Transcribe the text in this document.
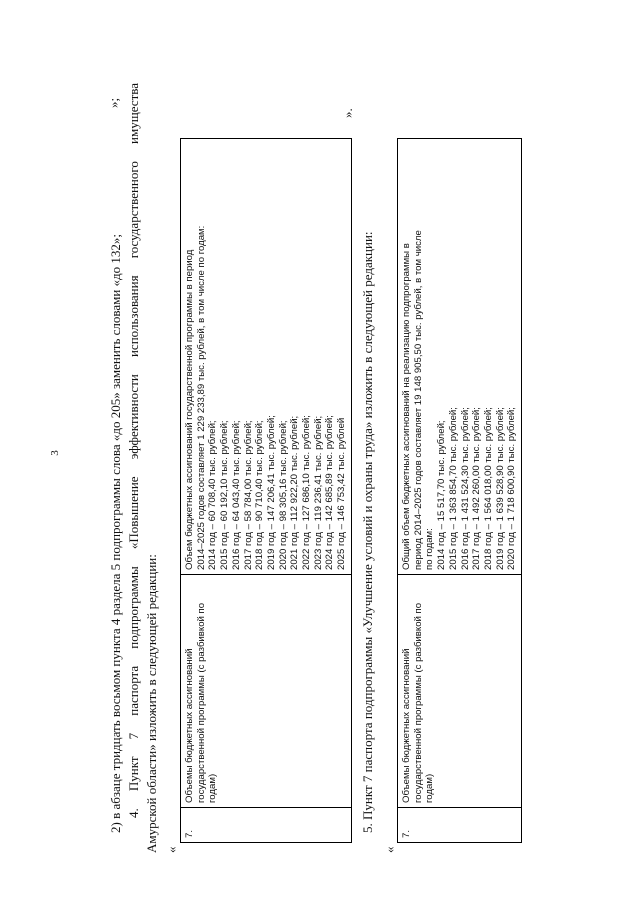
3	2) в абзаце тридцать восьмом пункта 4 раздела 5 подпрограммы слова «до 205» заменить словами «до 132»;
»; 4. Пункт 7 паспорта подпрограммы «Повышение эффективности использования государственного имущества Амурской области» изложить в следующей редакции: «
7.	Объемы бюджетных ассигнований государственной программы (с разбивкой по годам)	
Объем бюджетных ассигнований государственной программы в период 2014–2025 годов составляет 1 229 233,89 тыс. рублей, в том числе по годам: 2014 год – 60 708,40 тыс. рублей; 2015 год – 60 192,10 тыс. рублей; 2016 год – 64 043,40 тыс. рублей; 2017 год – 58 784,00 тыс. рублей; 2018 год – 90 710,40 тыс. рублей; 2019 год – 147 206,41 тыс. рублей; 2020 год – 98 305,16 тыс. рублей; 2021 год – 112 922,20 тыс. рублей; 2022 год – 127 686,10 тыс. рублей; 2023 год – 119 236,41 тыс. рублей; 2024 год – 142 685,89 тыс. рублей; 2025 год – 146 753,42 тыс. рублей
».
5. Пункт 7 паспорта подпрограммы «Улучшение условий и охраны труда» изложить в следующей редакции:
«
7.	Объемы бюджетных ассигнований государственной программы (с разбивкой по годам)	
Общий объем бюджетных ассигнований на реализацию подпрограммы в период 2014–2025 годов составляет 19 148 905,50 тыс. рублей, в том числе по годам: 2014 год – 15 517,70 тыс. рублей; 2015 год – 1 363 854,70 тыс. рублей; 2016 год – 1 431 524,30 тыс. рублей; 2017 год – 1 492 260,00 тыс. рублей; 2018 год – 1 564 018,00 тыс. рублей; 2019 год – 1 639 528,90 тыс. рублей; 2020 год – 1 718 600,90 тыс. рублей;
